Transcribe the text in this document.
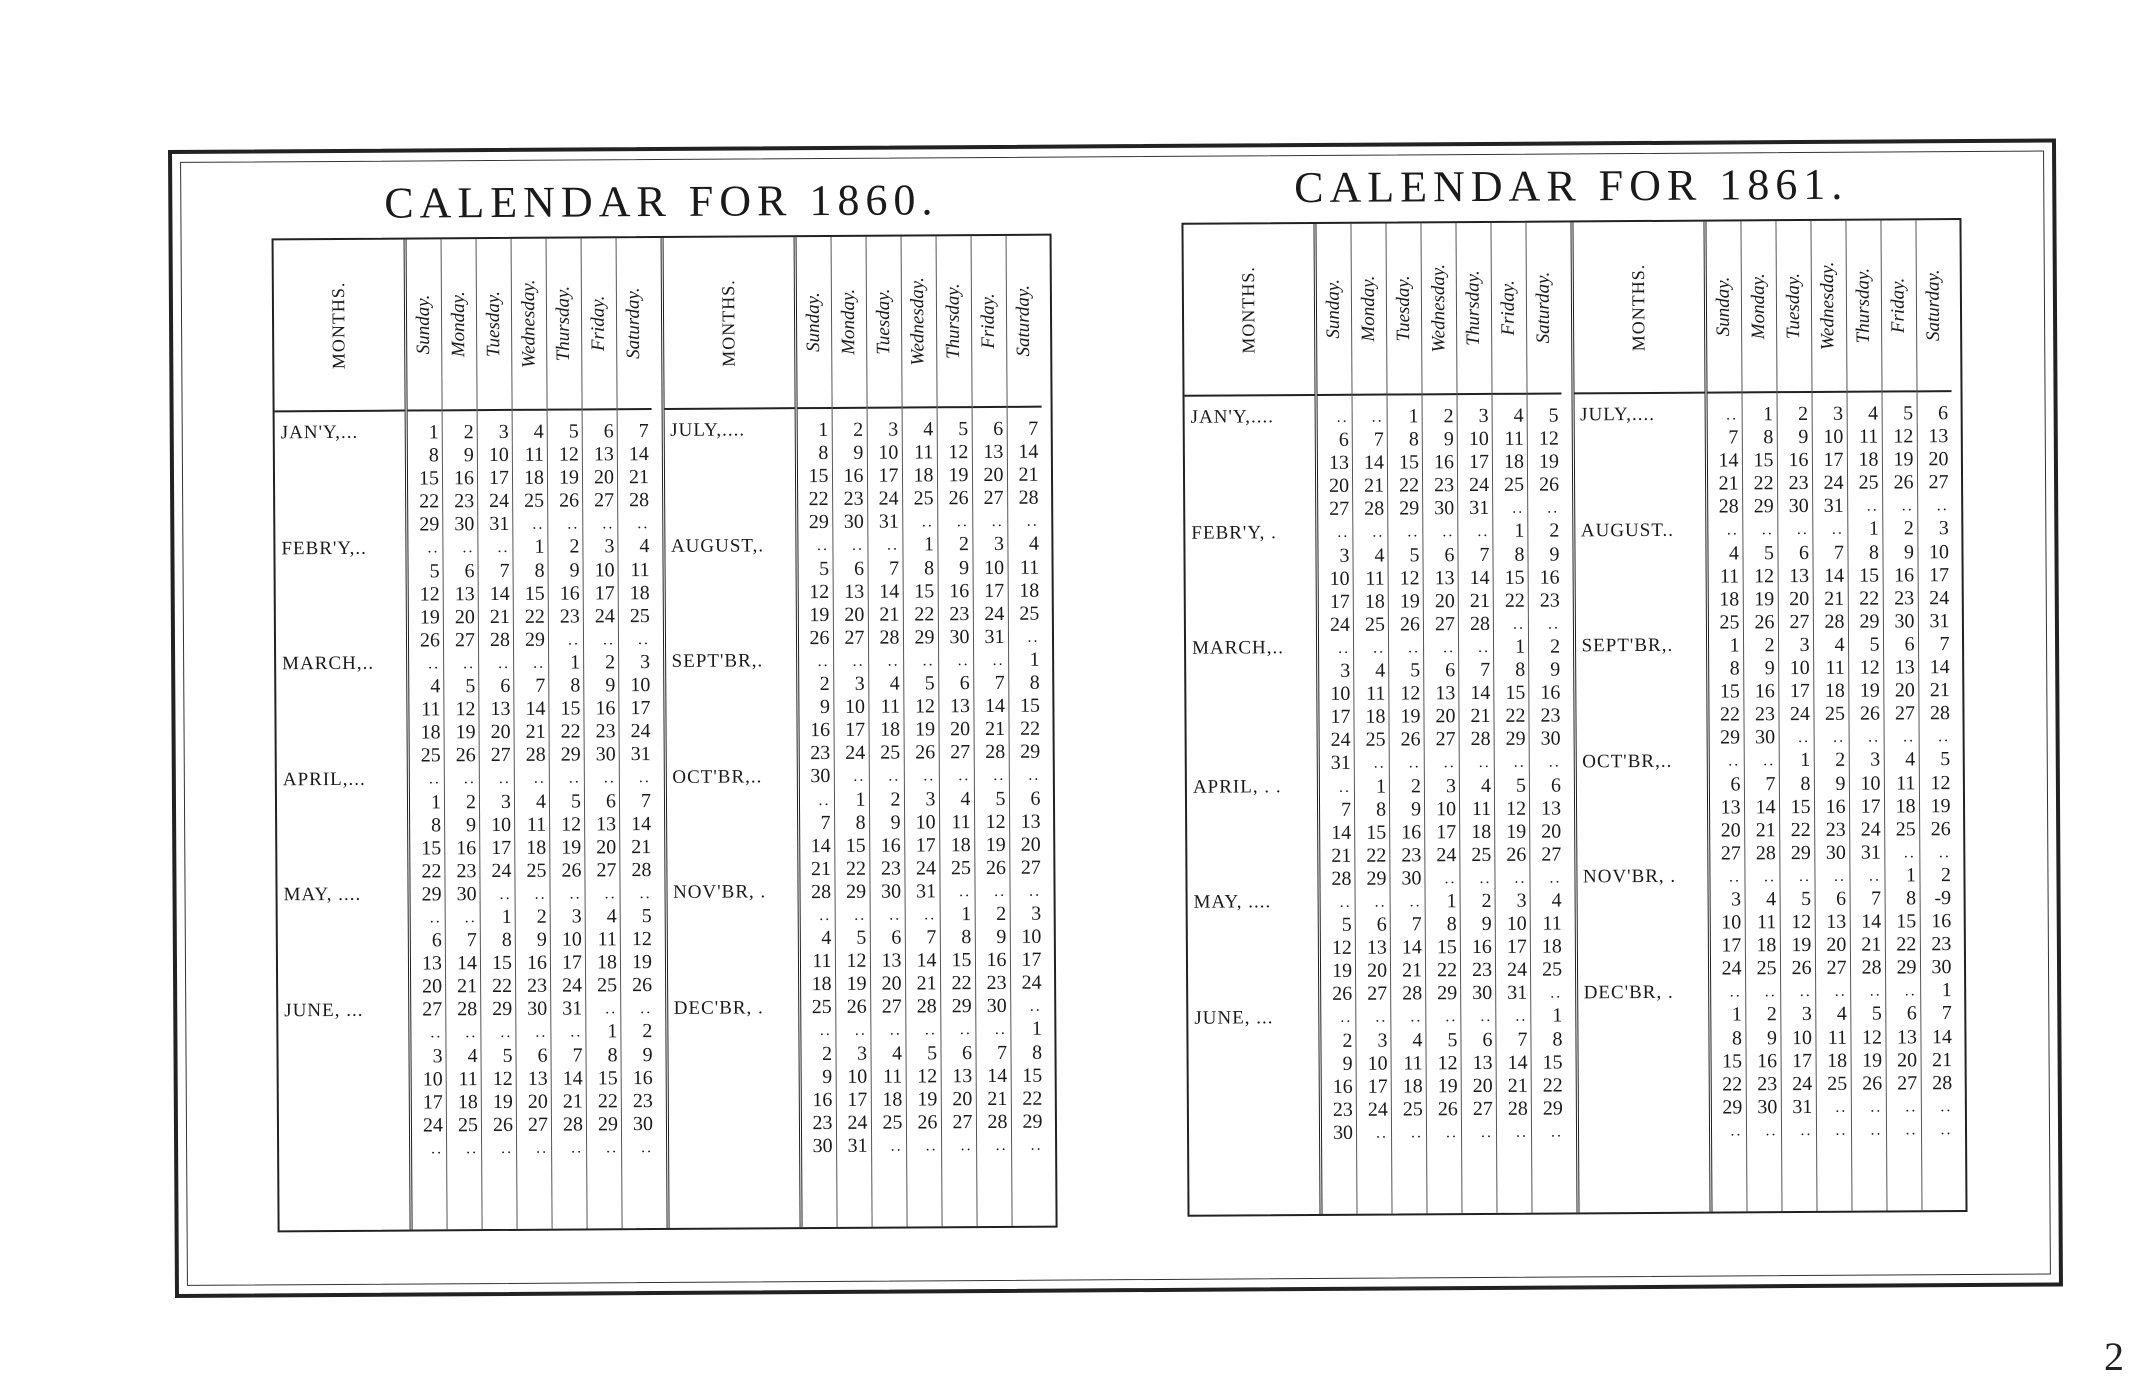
CALENDAR FOR 1860.
MONTHS.
JAN'Y,...
FEBR'Y,..
MARCH,..
APRIL,...
MAY, ....
JUNE, ...
Sunday.
1
8
15
22
29
..
5
12
19
26
..
4
11
18
25
..
1
8
15
22
29
..
6
13
20
27
..
3
10
17
24
..
Monday.
2
9
16
23
30
..
6
13
20
27
..
5
12
19
26
..
2
9
16
23
30
..
7
14
21
28
..
4
11
18
25
..
Tuesday.
3
10
17
24
31
..
7
14
21
28
..
6
13
20
27
..
3
10
17
24
..
1
8
15
22
29
..
5
12
19
26
..
Wednesday.
4
11
18
25
..
1
8
15
22
29
..
7
14
21
28
..
4
11
18
25
..
2
9
16
23
30
..
6
13
20
27
..
Thursday.
5
12
19
26
..
2
9
16
23
..
1
8
15
22
29
..
5
12
19
26
..
3
10
17
24
31
..
7
14
21
28
..
Friday.
6
13
20
27
..
3
10
17
24
..
2
9
16
23
30
..
6
13
20
27
..
4
11
18
25
..
1
8
15
22
29
..
Saturday.
7
14
21
28
..
4
11
18
25
..
3
10
17
24
31
..
7
14
21
28
..
5
12
19
26
..
2
9
16
23
30
..
MONTHS.
JULY,....
AUGUST,.
SEPT'BR,.
OCT'BR,..
NOV'BR, .
DEC'BR, .
Sunday.
1
8
15
22
29
..
5
12
19
26
..
2
9
16
23
30
..
7
14
21
28
..
4
11
18
25
..
2
9
16
23
30
Monday.
2
9
16
23
30
..
6
13
20
27
..
3
10
17
24
..
1
8
15
22
29
..
5
12
19
26
..
3
10
17
24
31
Tuesday.
3
10
17
24
31
..
7
14
21
28
..
4
11
18
25
..
2
9
16
23
30
..
6
13
20
27
..
4
11
18
25
..
Wednesday.
4
11
18
25
..
1
8
15
22
29
..
5
12
19
26
..
3
10
17
24
31
..
7
14
21
28
..
5
12
19
26
..
Thursday.
5
12
19
26
..
2
9
16
23
30
..
6
13
20
27
..
4
11
18
25
..
1
8
15
22
29
..
6
13
20
27
..
Friday.
6
13
20
27
..
3
10
17
24
31
..
7
14
21
28
..
5
12
19
26
..
2
9
16
23
30
..
7
14
21
28
..
Saturday.
7
14
21
28
..
4
11
18
25
..
1
8
15
22
29
..
6
13
20
27
..
3
10
17
24
..
1
8
15
22
29
..
CALENDAR FOR 1861.
MONTHS.
JAN'Y,....
FEBR'Y, .
MARCH,..
APRIL, . .
MAY, ....
JUNE, ...
Sunday.
..
6
13
20
27
..
3
10
17
24
..
3
10
17
24
31
..
7
14
21
28
..
5
12
19
26
..
2
9
16
23
30
Monday.
..
7
14
21
28
..
4
11
18
25
..
4
11
18
25
..
1
8
15
22
29
..
6
13
20
27
..
3
10
17
24
..
Tuesday.
1
8
15
22
29
..
5
12
19
26
..
5
12
19
26
..
2
9
16
23
30
..
7
14
21
28
..
4
11
18
25
..
Wednesday.
2
9
16
23
30
..
6
13
20
27
..
6
13
20
27
..
3
10
17
24
..
1
8
15
22
29
..
5
12
19
26
..
Thursday.
3
10
17
24
31
..
7
14
21
28
..
7
14
21
28
..
4
11
18
25
..
2
9
16
23
30
..
6
13
20
27
..
Friday.
4
11
18
25
..
1
8
15
22
..
1
8
15
22
29
..
5
12
19
26
..
3
10
17
24
31
..
7
14
21
28
..
Saturday.
5
12
19
26
..
2
9
16
23
..
2
9
16
23
30
..
6
13
20
27
..
4
11
18
25
..
1
8
15
22
29
..
MONTHS.
JULY,....
AUGUST..
SEPT'BR,.
OCT'BR,..
NOV'BR, .
DEC'BR, .
Sunday.
..
7
14
21
28
..
4
11
18
25
1
8
15
22
29
..
6
13
20
27
..
3
10
17
24
..
1
8
15
22
29
..
Monday.
1
8
15
22
29
..
5
12
19
26
2
9
16
23
30
..
7
14
21
28
..
4
11
18
25
..
2
9
16
23
30
..
Tuesday.
2
9
16
23
30
..
6
13
20
27
3
10
17
24
..
1
8
15
22
29
..
5
12
19
26
..
3
10
17
24
31
..
Wednesday.
3
10
17
24
31
..
7
14
21
28
4
11
18
25
..
2
9
16
23
30
..
6
13
20
27
..
4
11
18
25
..
..
Thursday.
4
11
18
25
..
1
8
15
22
29
5
12
19
26
..
3
10
17
24
31
..
7
14
21
28
..
5
12
19
26
..
..
Friday.
5
12
19
26
..
2
9
16
23
30
6
13
20
27
..
4
11
18
25
..
1
8
15
22
29
..
6
13
20
27
..
..
Saturday.
6
13
20
27
..
3
10
17
24
31
7
14
21
28
..
5
12
19
26
..
2
-9
16
23
30
1
7
14
21
28
..
..
2
